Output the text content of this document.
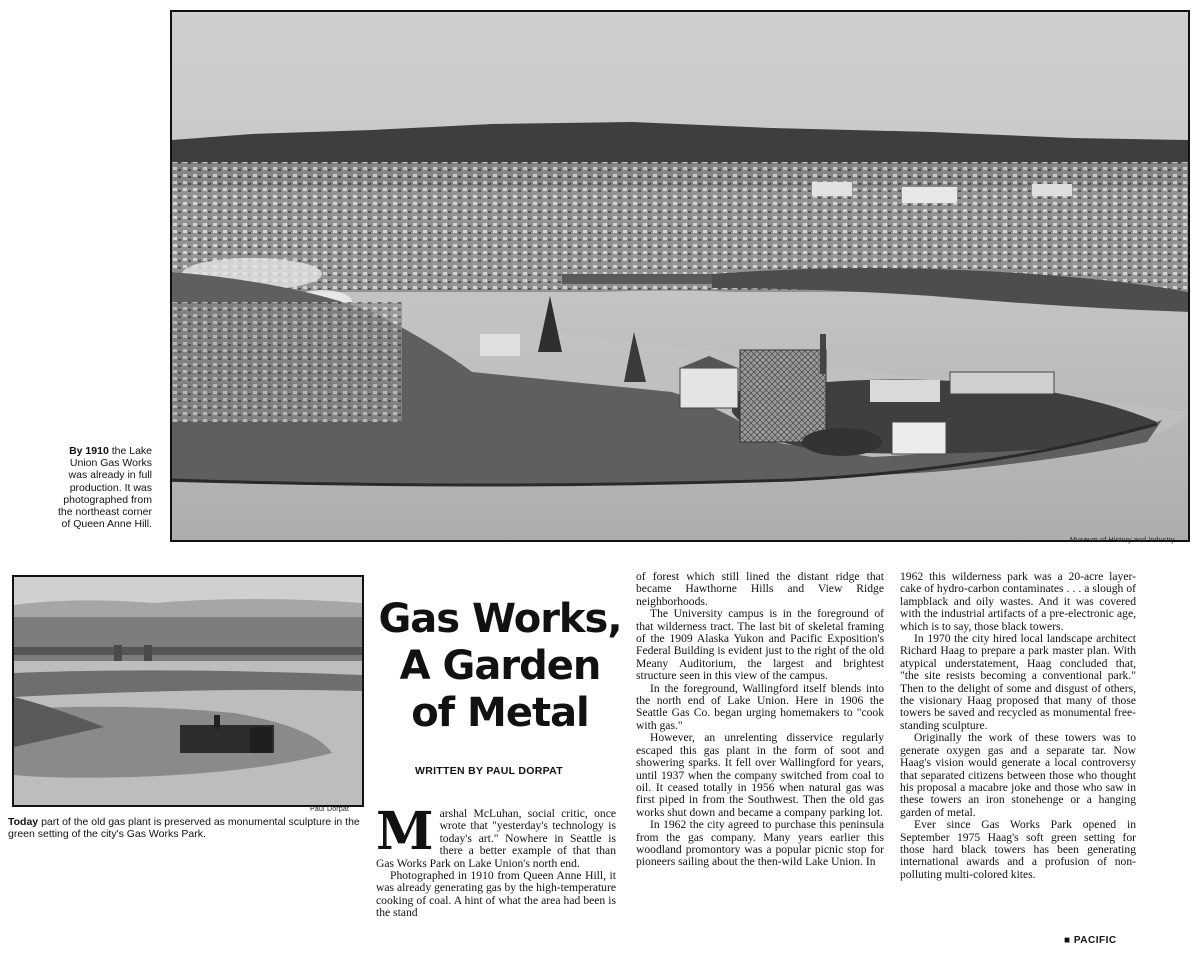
Museum of History and Industry
By 1910 the Lake Union Gas Works was already in full production. It was photographed from the northeast corner of Queen Anne Hill.
Paul Dorpat
Today part of the old gas plant is preserved as monumental sculpture in the green setting of the city's Gas Works Park.
Gas Works,
A Garden
of Metal
WRITTEN BY PAUL DORPAT
M arshal McLuhan, social critic, once wrote that "yesterday's technology is today's art." Nowhere in Seattle is there a better example of that than Gas Works Park on Lake Union's north end.

Photographed in 1910 from Queen Anne Hill, it was already generating gas by the high-temperature cooking of coal. A hint of what the area had been is the stand

of forest which still lined the distant ridge that became Hawthorne Hills and View Ridge neighborhoods.

The University campus is in the foreground of that wilderness tract. The last bit of skeletal framing of the 1909 Alaska Yukon and Pacific Exposition's Federal Building is evident just to the right of the old Meany Auditorium, the largest and brightest structure seen in this view of the campus.

In the foreground, Wallingford itself blends into the north end of Lake Union. Here in 1906 the Seattle Gas Co. began urging homemakers to "cook with gas."

However, an unrelenting disservice regularly escaped this gas plant in the form of soot and showering sparks. It fell over Wallingford for years, until 1937 when the company switched from coal to oil. It ceased totally in 1956 when natural gas was first piped in from the Southwest. Then the old gas works shut down and became a company parking lot.

In 1962 the city agreed to purchase this peninsula from the gas company. Many years earlier this woodland promontory was a popular picnic stop for pioneers sailing about the then-wild Lake Union. In

1962 this wilderness park was a 20-acre layer-cake of hydro-carbon contaminates . . . a slough of lampblack and oily wastes. And it was covered with the industrial artifacts of a pre-electronic age, which is to say, those black towers.

In 1970 the city hired local landscape architect Richard Haag to prepare a park master plan. With atypical understatement, Haag concluded that, "the site resists becoming a conventional park." Then to the delight of some and disgust of others, the visionary Haag proposed that many of those towers be saved and recycled as monumental free-standing sculpture.

Originally the work of these towers was to generate oxygen gas and a separate tar. Now Haag's vision would generate a local controversy that separated citizens between those who thought his proposal a macabre joke and those who saw in these towers an iron stonehenge or a hanging garden of metal.

Ever since Gas Works Park opened in September 1975 Haag's soft green setting for those hard black towers has been generating international awards and a profusion of non-polluting multi-colored kites.

■ PACIFIC
